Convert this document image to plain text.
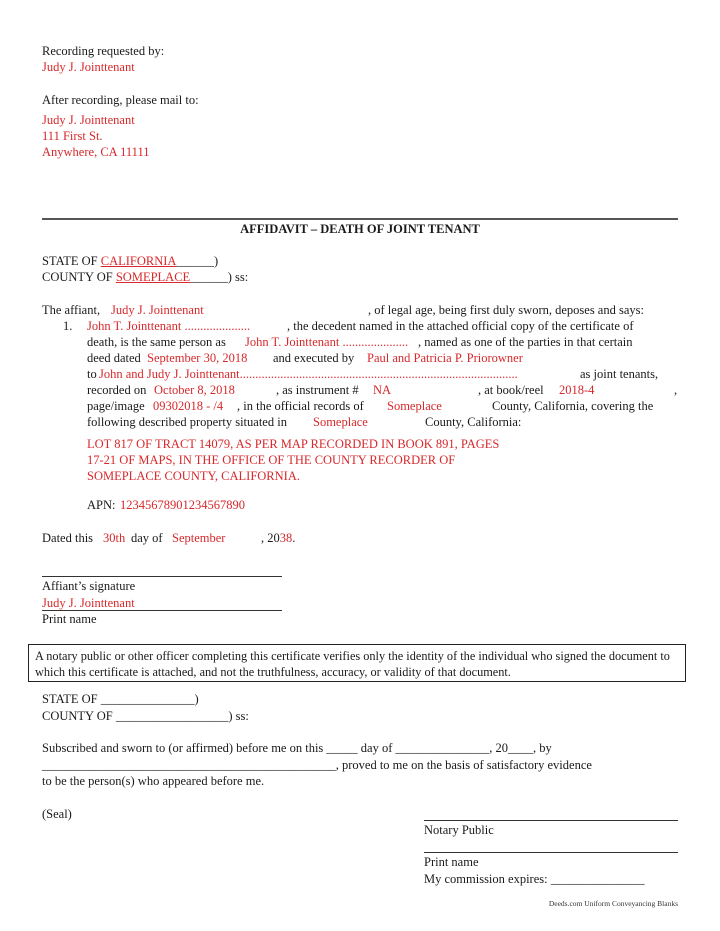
Recording requested by:
Judy J. Jointtenant
After recording, please mail to:
Judy J. Jointtenant
111 First St.
Anywhere, CA 11111
AFFIDAVIT – DEATH OF JOINT TENANT
STATE OF CALIFORNIA______)
COUNTY OF SOMEPLACE______) ss:
The affiant, Judy J. Jointtenant	, of legal age, being first duly sworn, deposes and says:
1. John T. Jointtenant .....................	, the decedent named in the attached official copy of the certificate of
death, is the same person as John T. Jointtenant ..................... , named as one of the parties in that certain
deed dated September 30, 2018 and executed by Paul and Patricia P. Priorowner
to John and Judy J. Jointtenant.........................................................................................	as joint tenants,
recorded on October 8, 2018	, as instrument # NA	, at book/reel 2018-4	,
page/image 09302018 - /4 , in the official records of Someplace	County, California, covering the
following described property situated in Someplace	County, California:
LOT 817 OF TRACT 14079, AS PER MAP RECORDED IN BOOK 891, PAGES
17-21 OF MAPS, IN THE OFFICE OF THE COUNTY RECORDER OF
SOMEPLACE COUNTY, CALIFORNIA.
APN: 12345678901234567890
Dated this 30th day of September	, 2038.
Affiant’s signature
Judy J. Jointtenant
Print name
A notary public or other officer completing this certificate verifies only the identity of the individual who signed the document to which this certificate is attached, and not the truthfulness, accuracy, or validity of that document.
STATE OF _______________)
COUNTY OF __________________) ss:
Subscribed and sworn to (or affirmed) before me on this _____ day of _______________, 20____, by
_______________________________________________, proved to me on the basis of satisfactory evidence
to be the person(s) who appeared before me.
(Seal)
Notary Public
Print name
My commission expires: _______________
Deeds.com Uniform Conveyancing Blanks
